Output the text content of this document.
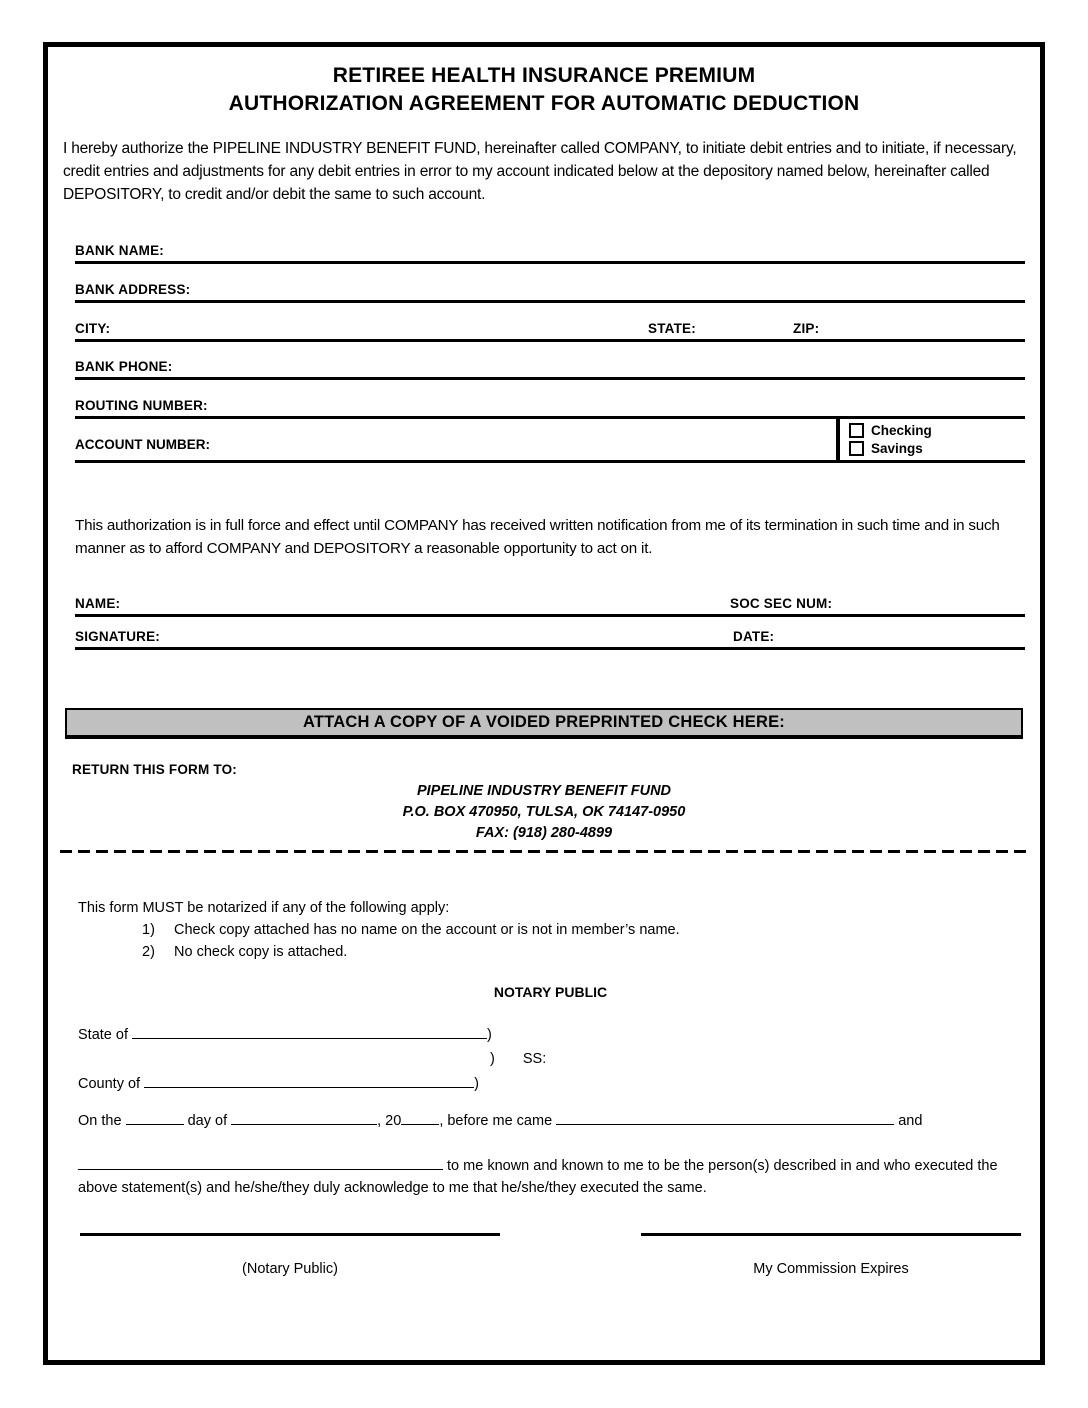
RETIREE HEALTH INSURANCE PREMIUM
AUTHORIZATION AGREEMENT FOR AUTOMATIC DEDUCTION

I hereby authorize the PIPELINE INDUSTRY BENEFIT FUND, hereinafter called COMPANY, to initiate debit entries and to initiate, if necessary, credit entries and adjustments for any debit entries in error to my account indicated below at the depository named below, hereinafter called DEPOSITORY, to credit and/or debit the same to such account.

BANK NAME:
BANK ADDRESS:
CITY:	STATE:	ZIP:
BANK PHONE:
ROUTING NUMBER:
ACCOUNT NUMBER:
Checking
Savings

This authorization is in full force and effect until COMPANY has received written notification from me of its termination in such time and in such manner as to afford COMPANY and DEPOSITORY a reasonable opportunity to act on it.

NAME:	SOC SEC NUM:
SIGNATURE:	DATE:
ATTACH A COPY OF A VOIDED PREPRINTED CHECK HERE:
RETURN THIS FORM TO:
PIPELINE INDUSTRY BENEFIT FUND
P.O. BOX 470950, TULSA, OK 74147-0950
FAX: (918) 280-4899

This form MUST be notarized if any of the following apply:

1) Check copy attached has no name on the account or is not in member’s name.
2) No check copy is attached.
NOTARY PUBLIC
State of	)
) SS:
County of	)
On the	day of	, 20	, before me came	and

to me known and known to me to be the person(s) described in and who executed the above statement(s) and he/she/they duly acknowledge to me that he/she/they executed the same.

(Notary Public)	My Commission Expires
